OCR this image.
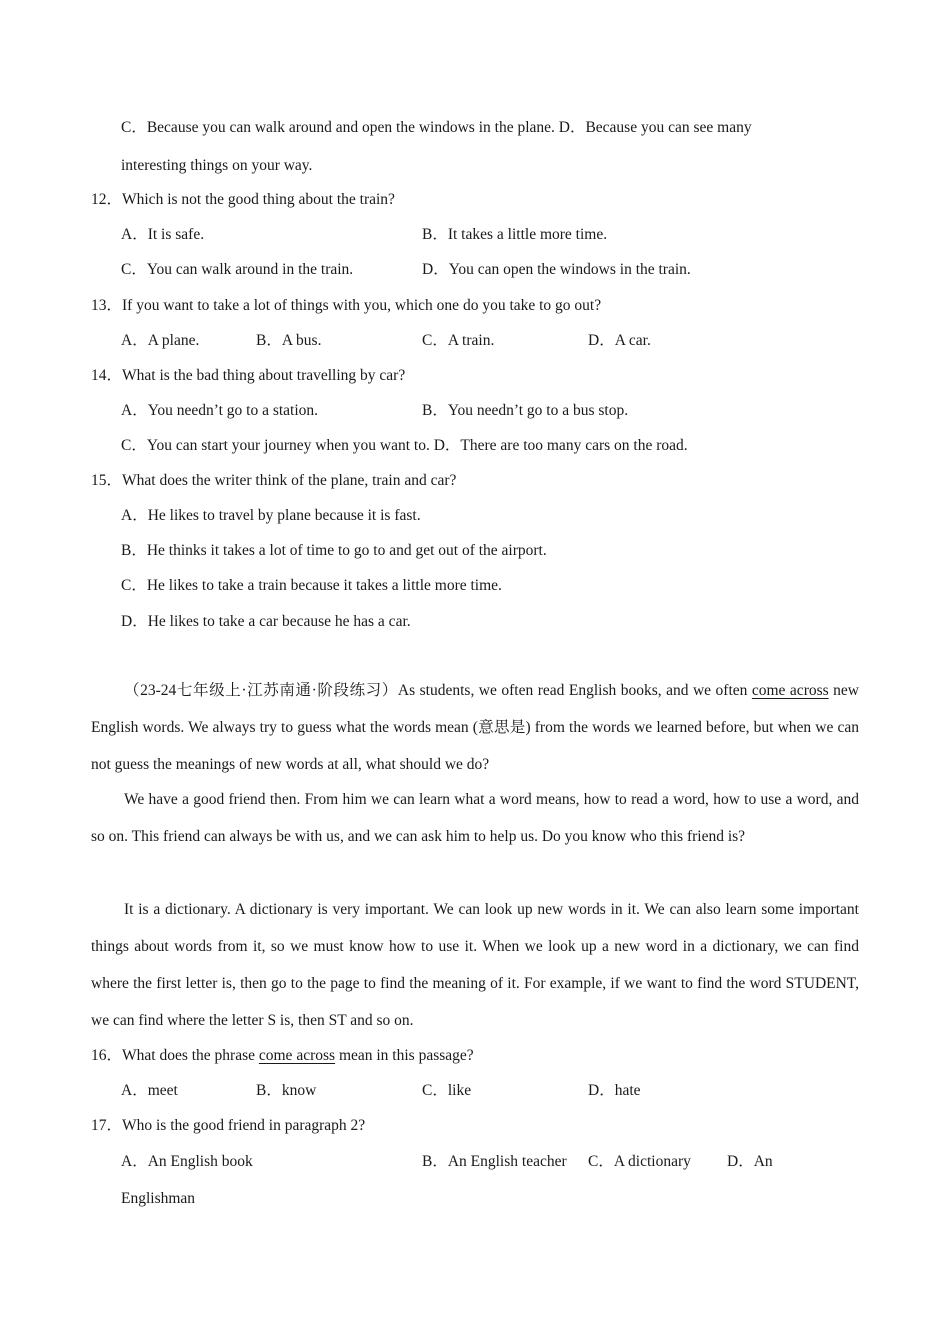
C．Because you can walk around and open the windows in the plane. D．Because you can see many
interesting things on your way.
12．Which is not the good thing about the train?
A．It is safe.	B．It takes a little more time.
C．You can walk around in the train.	D．You can open the windows in the train.
13．If you want to take a lot of things with you, which one do you take to go out?
A．A plane.	B．A bus.	C．A train.	D．A car.
14．What is the bad thing about travelling by car?
A．You needn’t go to a station.	B．You needn’t go to a bus stop.
C．You can start your journey when you want to. D．There are too many cars on the road.
15．What does the writer think of the plane, train and car?
A．He likes to travel by plane because it is fast.
B．He thinks it takes a lot of time to go to and get out of the airport.
C．He likes to take a train because it takes a little more time.
D．He likes to take a car because he has a car.
（23-24七年级上·江苏南通·阶段练习）As students, we often read English books, and we often come across new English words. We always try to guess what the words mean (意思是) from the words we learned before, but when we can not guess the meanings of new words at all, what should we do?
We have a good friend then. From him we can learn what a word means, how to read a word, how to use a word, and so on. This friend can always be with us, and we can ask him to help us. Do you know who this friend is?
It is a dictionary. A dictionary is very important. We can look up new words in it. We can also learn some important things about words from it, so we must know how to use it. When we look up a new word in a dictionary, we can find where the first letter is, then go to the page to find the meaning of it. For example, if we want to find the word STUDENT, we can find where the letter S is, then ST and so on.
16．What does the phrase come across mean in this passage?
A．meet	B．know	C．like	D．hate
17．Who is the good friend in paragraph 2?
A．An English book	B．An English teacher C．A dictionary D．An
Englishman
